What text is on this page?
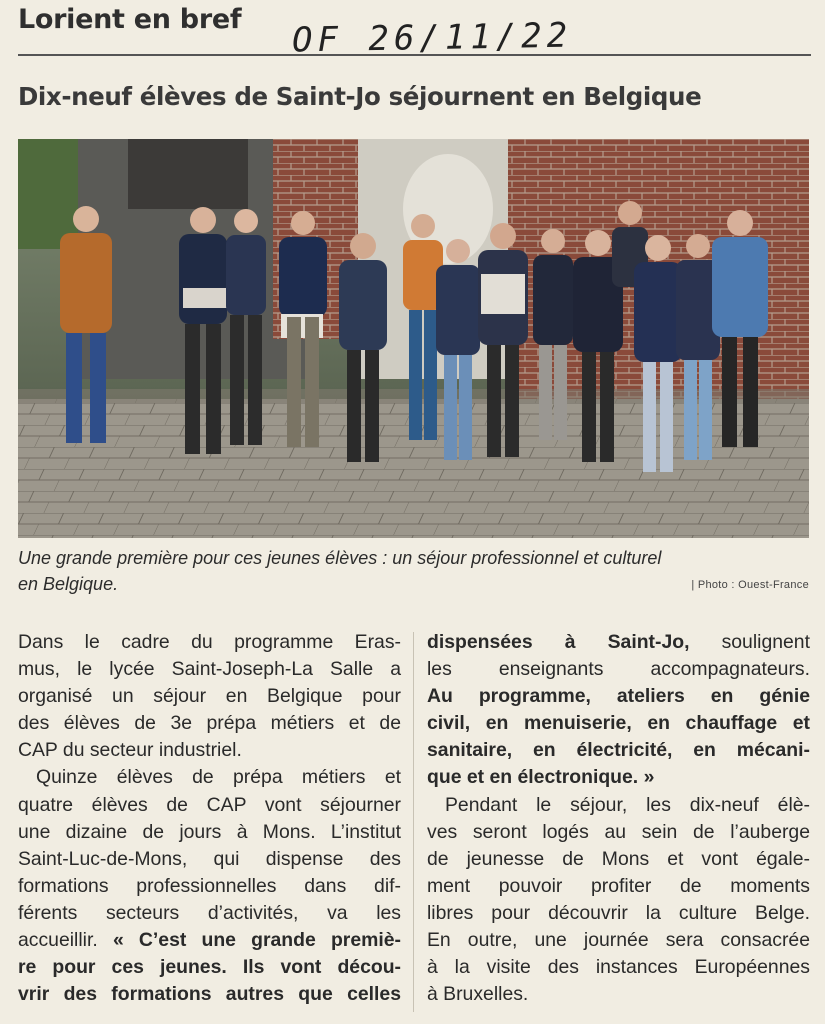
Lorient en bref OF 26/11/22
Dix-neuf élèves de Saint-Jo séjournent en Belgique
Une grande première pour ces jeunes élèves : un séjour professionnel et culturel
en Belgique.	| Photo : Ouest-France
Dans le cadre du programme Eras-
mus, le lycée Saint-Joseph-La Salle a
organisé un séjour en Belgique pour
des élèves de 3e prépa métiers et de
CAP du secteur industriel.
Quinze élèves de prépa métiers et
quatre élèves de CAP vont séjourner
une dizaine de jours à Mons. L’institut
Saint-Luc-de-Mons, qui dispense des
formations professionnelles dans dif-
férents secteurs d’activités, va les
accueillir. « C’est une grande premiè-
re pour ces jeunes. Ils vont décou-
vrir des formations autres que celles
dispensées à Saint-Jo, soulignent
les enseignants accompagnateurs.
Au programme, ateliers en génie
civil, en menuiserie, en chauffage et
sanitaire, en électricité, en mécani-
que et en électronique. »
Pendant le séjour, les dix-neuf élè-
ves seront logés au sein de l’auberge
de jeunesse de Mons et vont égale-
ment pouvoir profiter de moments
libres pour découvrir la culture Belge.
En outre, une journée sera consacrée
à la visite des instances Européennes
à Bruxelles.
